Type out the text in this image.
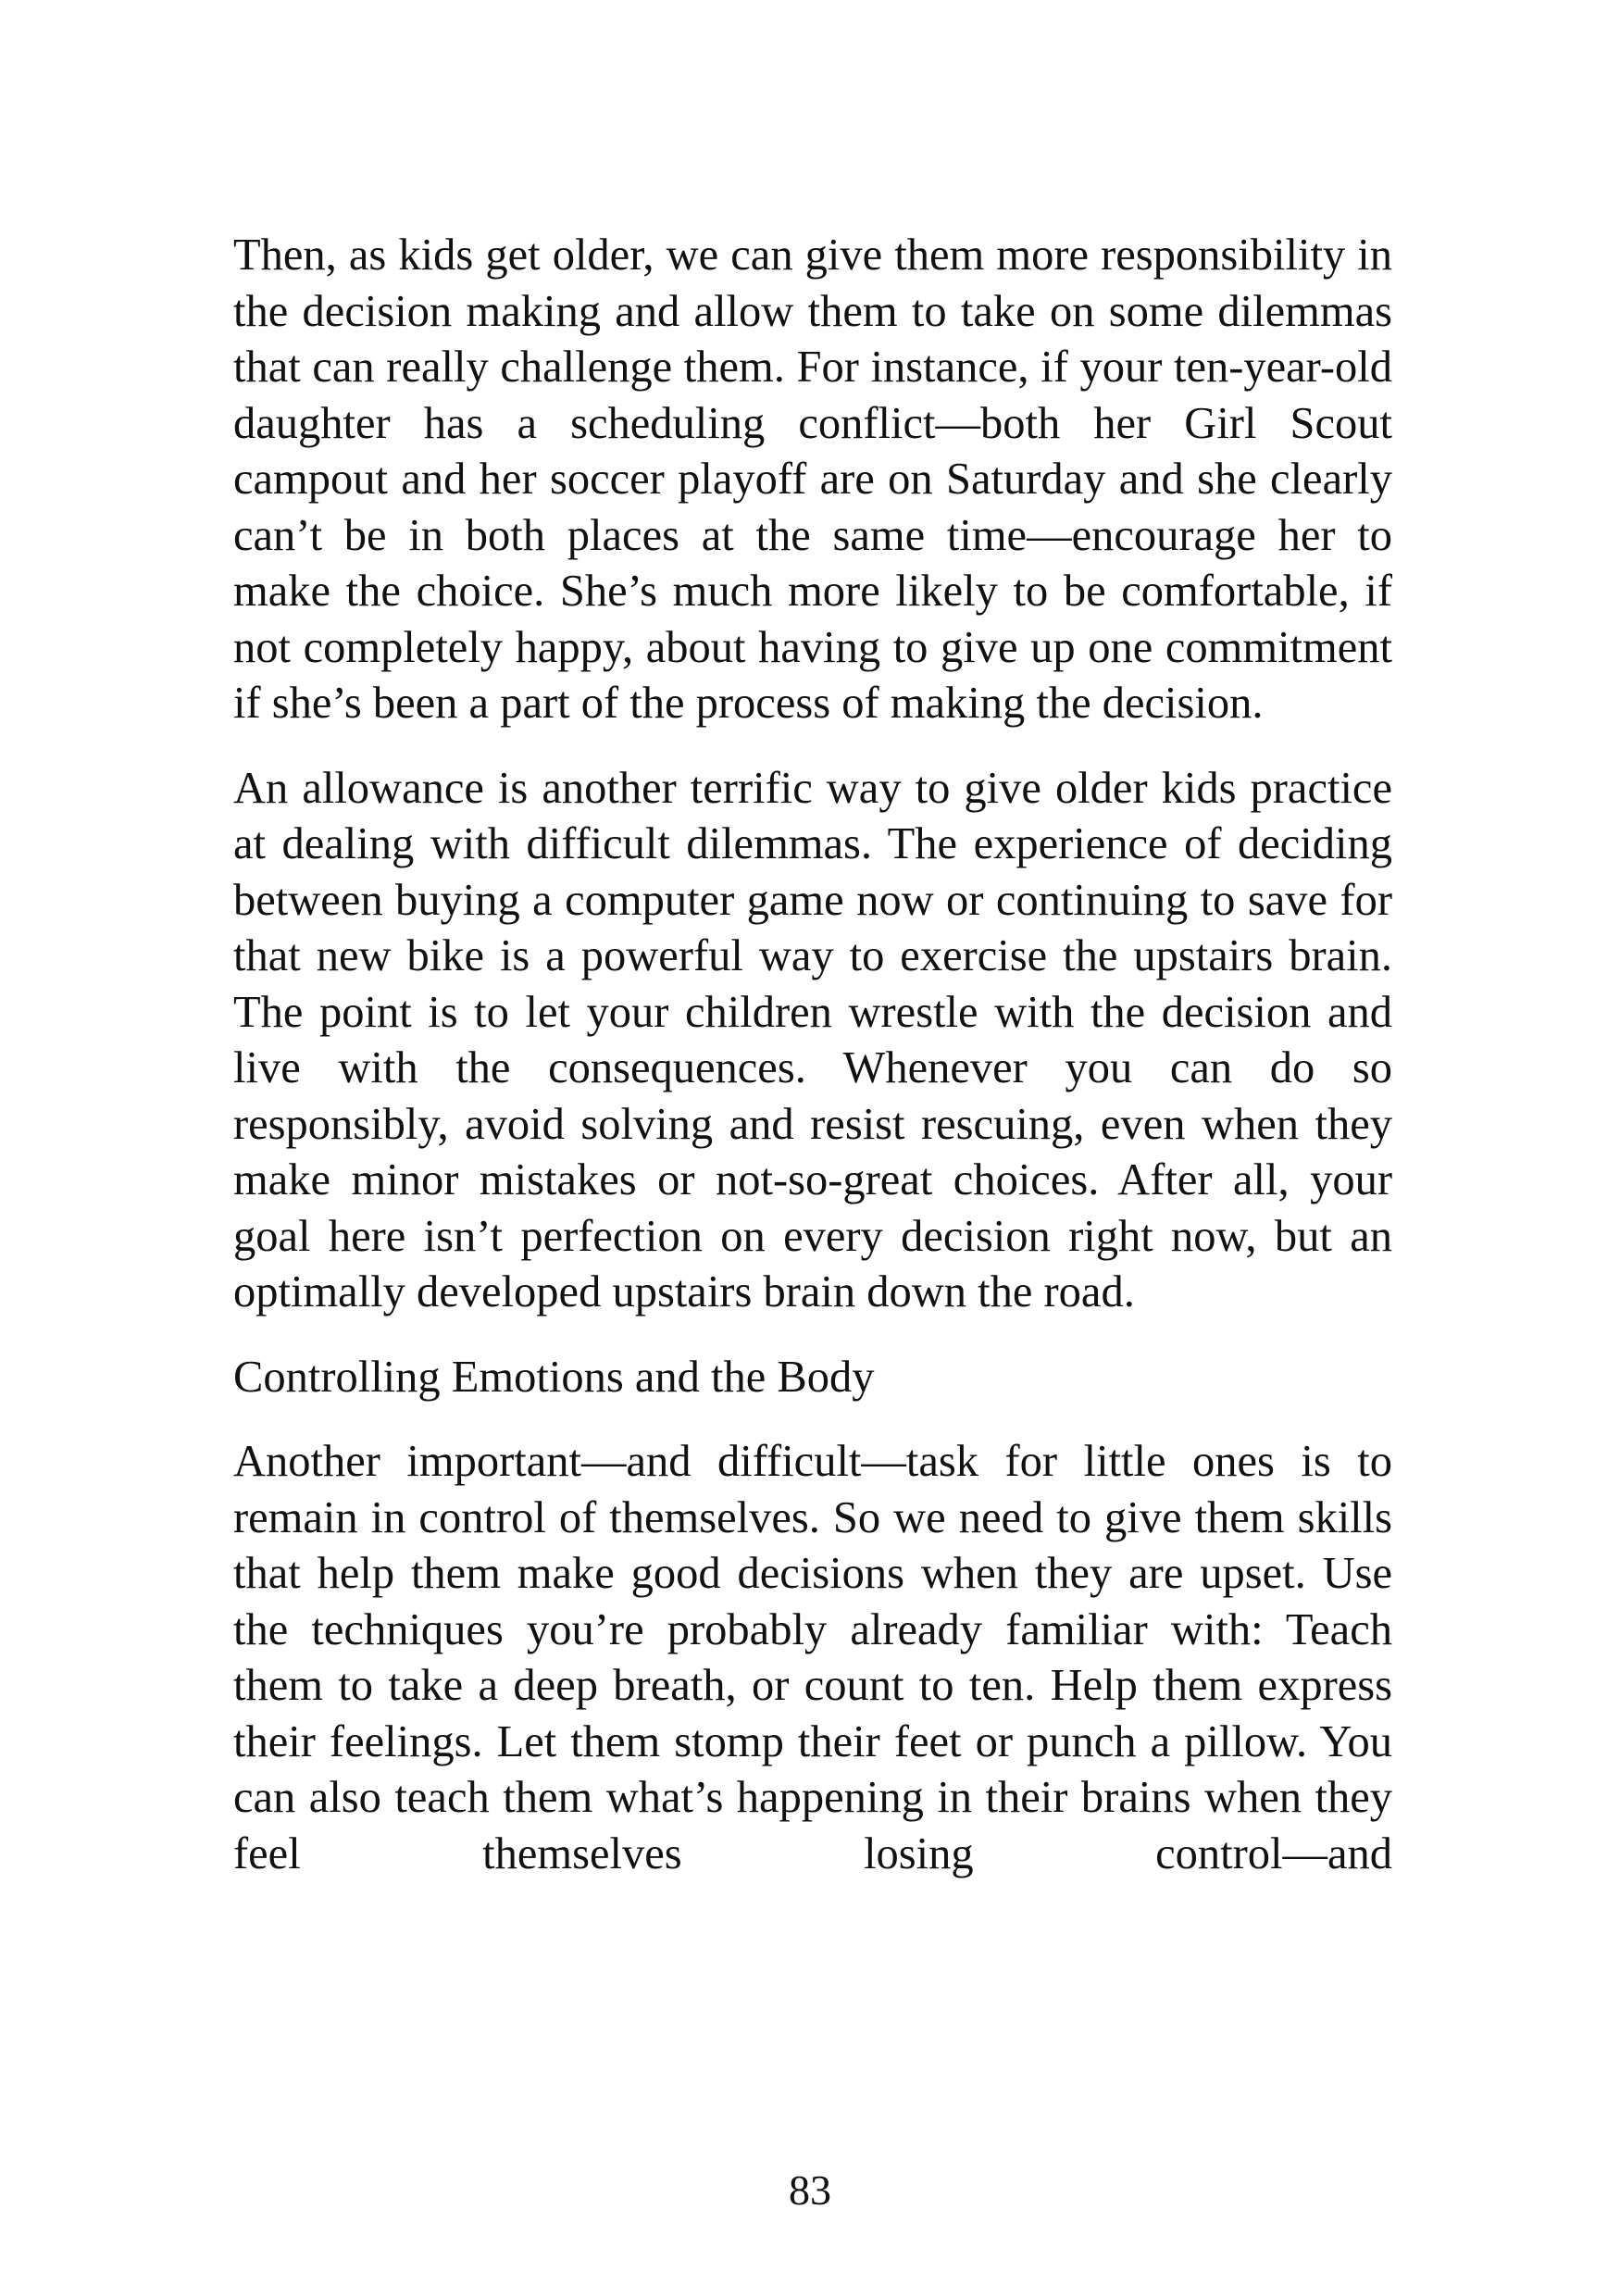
Then, as kids get older, we can give them more responsibility in the decision making and allow them to take on some dilemmas that can really challenge them. For instance, if your ten-year-old daughter has a scheduling conflict—both her Girl Scout campout and her soccer playoff are on Saturday and she clearly can’t be in both places at the same time—encourage her to make the choice. She’s much more likely to be comfortable, if not completely happy, about having to give up one commitment if she’s been a part of the process of making the decision.

An allowance is another terrific way to give older kids practice at dealing with difficult dilemmas. The experience of deciding between buying a computer game now or continuing to save for that new bike is a powerful way to exercise the upstairs brain. The point is to let your children wrestle with the decision and live with the consequences. Whenever you can do so responsibly, avoid solving and resist rescuing, even when they make minor mistakes or not-so-great choices. After all, your goal here isn’t perfection on every decision right now, but an optimally developed upstairs brain down the road.

Controlling Emotions and the Body

Another important—and difficult—task for little ones is to remain in control of themselves. So we need to give them skills that help them make good decisions when they are upset. Use the techniques you’re probably already familiar with: Teach them to take a deep breath, or count to ten. Help them express their feelings. Let them stomp their feet or punch a pillow. You can also teach them what’s happening in their brains when they feel themselves losing control—and

83
